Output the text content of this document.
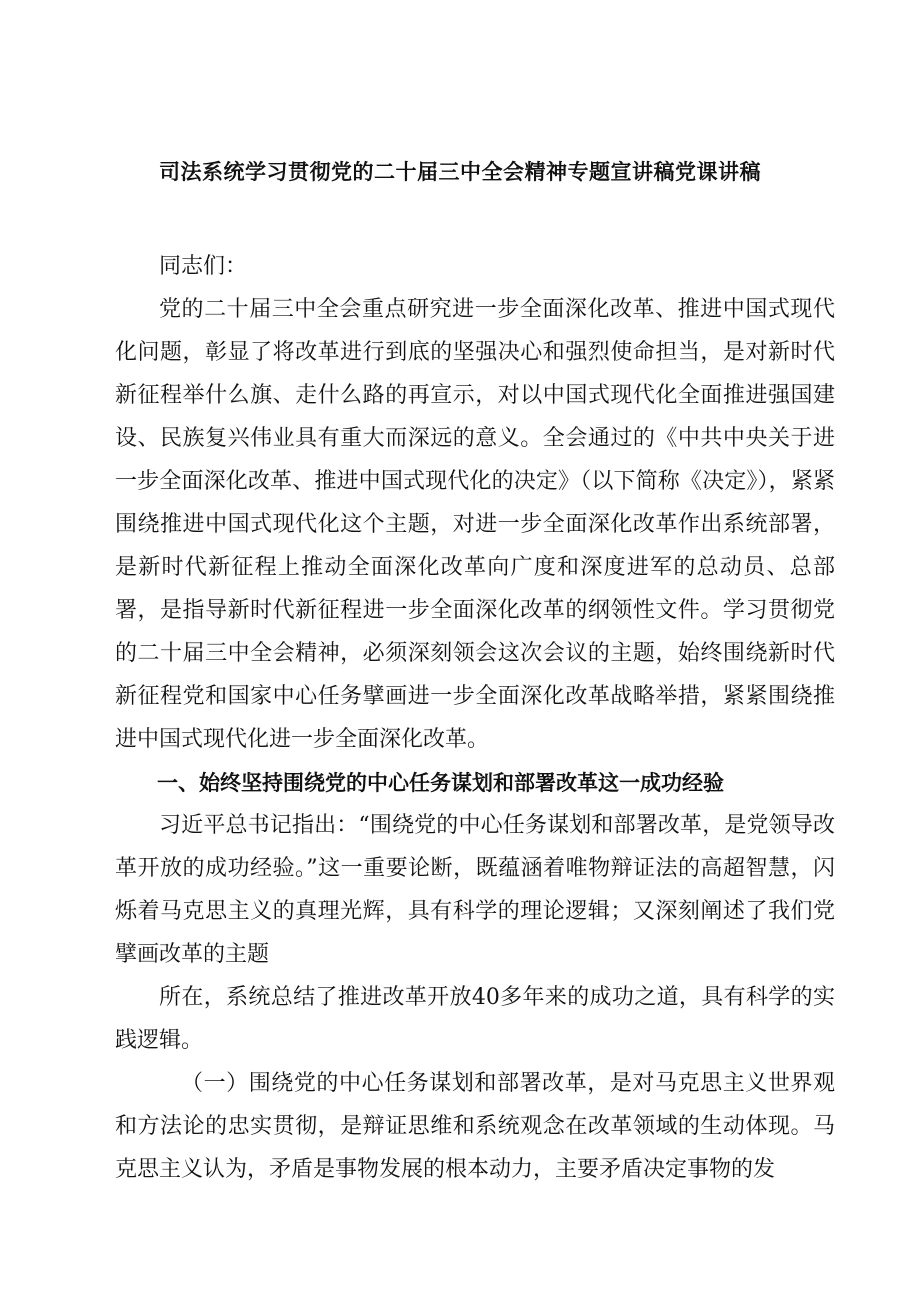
司法系统学习贯彻党的二十届三中全会精神专题宣讲稿党课讲稿

同志们：

党的二十届三中全会重点研究进一步全面深化改革、推进中国式现代化问题，彰显了将改革进行到底的坚强决心和强烈使命担当，是对新时代新征程举什么旗、走什么路的再宣示，对以中国式现代化全面推进强国建设、民族复兴伟业具有重大而深远的意义。全会通过的《中共中央关于进一步全面深化改革、推进中国式现代化的决定》（以下简称《决定》），紧紧围绕推进中国式现代化这个主题，对进一步全面深化改革作出系统部署，是新时代新征程上推动全面深化改革向广度和深度进军的总动员、总部署，是指导新时代新征程进一步全面深化改革的纲领性文件。学习贯彻党的二十届三中全会精神，必须深刻领会这次会议的主题，始终围绕新时代新征程党和国家中心任务擘画进一步全面深化改革战略举措，紧紧围绕推进中国式现代化进一步全面深化改革。

一、始终坚持围绕党的中心任务谋划和部署改革这一成功经验

习近平总书记指出：“围绕党的中心任务谋划和部署改革，是党领导改革开放的成功经验。”这一重要论断，既蕴涵着唯物辩证法的高超智慧，闪烁着马克思主义的真理光辉，具有科学的理论逻辑；又深刻阐述了我们党擘画改革的主题

所在，系统总结了推进改革开放40多年来的成功之道，具有科学的实践逻辑。

（一）围绕党的中心任务谋划和部署改革，是对马克思主义世界观和方法论的忠实贯彻，是辩证思维和系统观念在改革领域的生动体现。马克思主义认为，矛盾是事物发展的根本动力，主要矛盾决定事物的发
